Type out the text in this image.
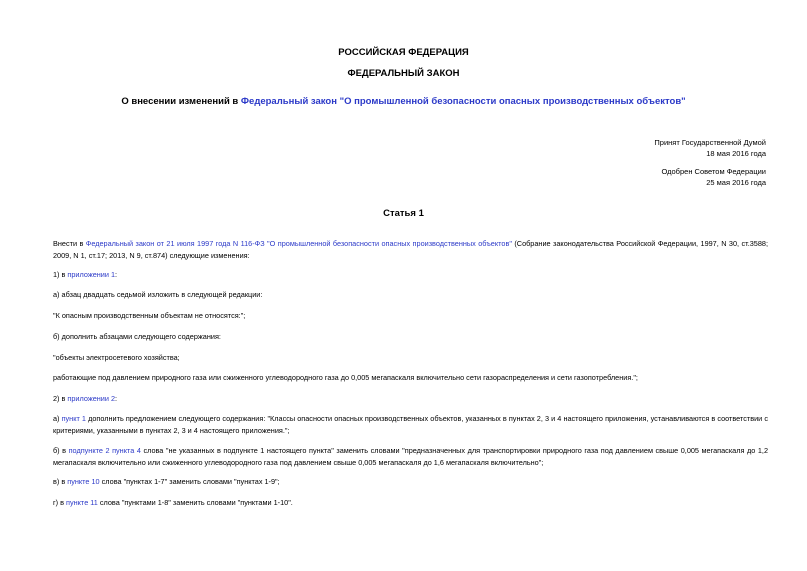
РОССИЙСКАЯ ФЕДЕРАЦИЯ
ФЕДЕРАЛЬНЫЙ ЗАКОН
О внесении изменений в Федеральный закон "О промышленной безопасности опасных производственных объектов"
Принят Государственной Думой
18 мая 2016 года
Одобрен Советом Федерации
25 мая 2016 года
Статья 1
Внести в Федеральный закон от 21 июля 1997 года N 116-ФЗ "О промышленной безопасности опасных производственных объектов" (Собрание законодательства Российской Федерации, 1997, N 30, ст.3588; 2009, N 1, ст.17; 2013, N 9, ст.874) следующие изменения:
1) в приложении 1:
а) абзац двадцать седьмой изложить в следующей редакции:
"К опасным производственным объектам не относятся:";
б) дополнить абзацами следующего содержания:
"объекты электросетевого хозяйства;
работающие под давлением природного газа или сжиженного углеводородного газа до 0,005 мегапаскаля включительно сети газораспределения и сети газопотребления.";
2) в приложении 2:
а) пункт 1 дополнить предложением следующего содержания: "Классы опасности опасных производственных объектов, указанных в пунктах 2, 3 и 4 настоящего приложения, устанавливаются в соответствии с критериями, указанными в пунктах 2, 3 и 4 настоящего приложения.";
б) в подпункте 2 пункта 4 слова "не указанных в подпункте 1 настоящего пункта" заменить словами "предназначенных для транспортировки природного газа под давлением свыше 0,005 мегапаскаля до 1,2 мегапаскаля включительно или сжиженного углеводородного газа под давлением свыше 0,005 мегапаскаля до 1,6 мегапаскаля включительно";
в) в пункте 10 слова "пунктах 1-7" заменить словами "пунктах 1-9";
г) в пункте 11 слова "пунктами 1-8" заменить словами "пунктами 1-10".
